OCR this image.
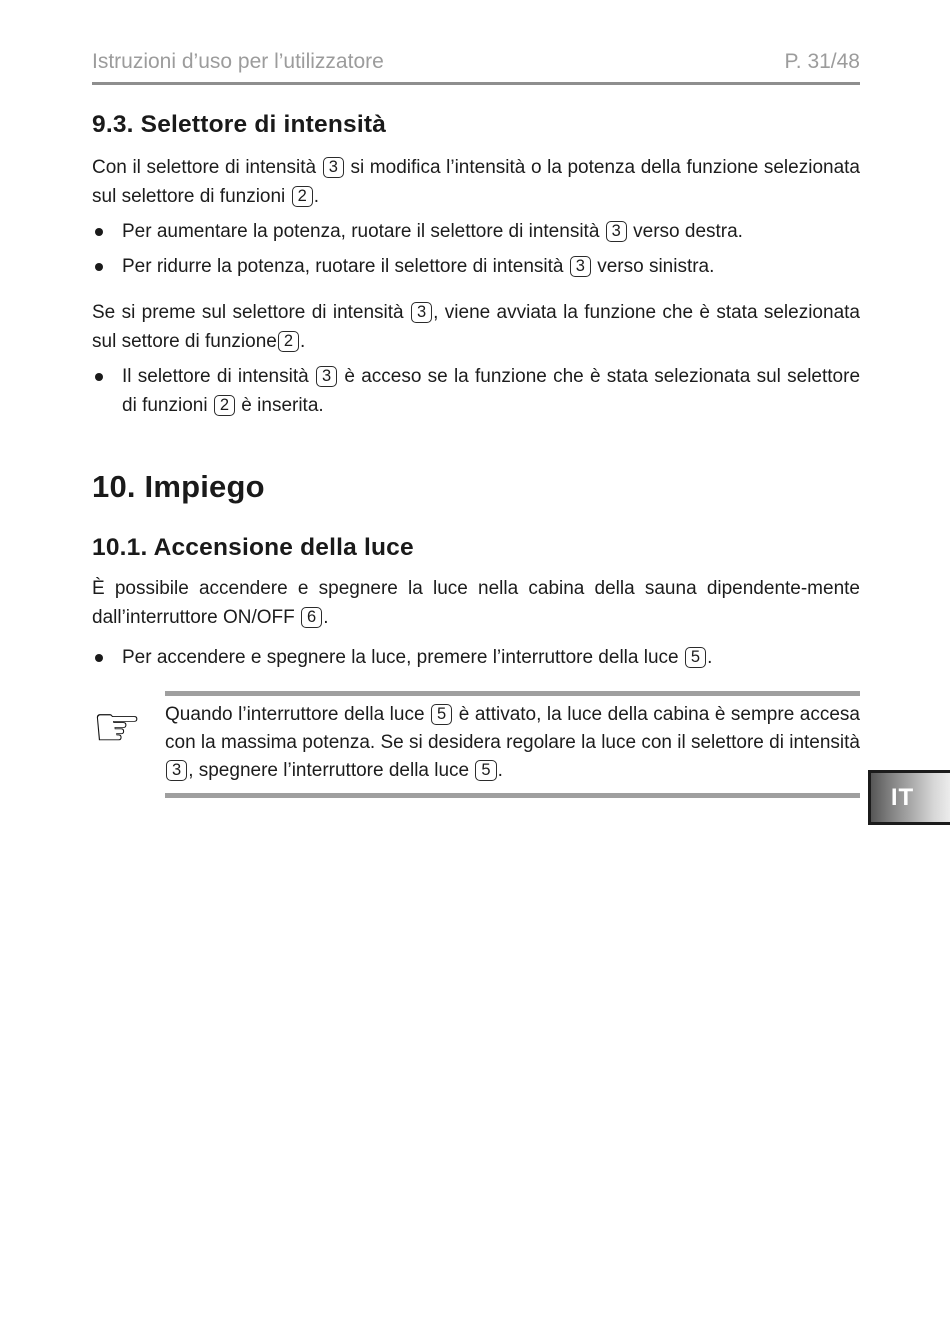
Istruzioni d’uso per l’utilizzatore	P. 31/48
9.3. Selettore di intensità

Con il selettore di intensità 3 si modifica l’intensità o la potenza della funzione selezionata sul selettore di funzioni 2 .

Per aumentare la potenza, ruotare il selettore di intensità 3 verso destra.
Per ridurre la potenza, ruotare il selettore di intensità 3 verso sinistra.

Se si preme sul selettore di intensità 3 , viene avviata la funzione che è stata selezionata sul settore di funzione 2 .

Il selettore di intensità 3 è acceso se la funzione che è stata selezionata sul selettore di funzioni 2 è inserita.
10. Impiego
10.1. Accensione della luce

È possibile accendere e spegnere la luce nella cabina della sauna dipendente-mente dall’interruttore ON/OFF 6 .

Per accendere e spegnere la luce, premere l’interruttore della luce 5 .
☞	Quando l’interruttore della luce 5 è attivato, la luce della cabina è sempre accesa con la massima potenza. Se si desidera regolare la luce con il selettore di intensità 3 , spegnere l’interruttore della luce 5 .

IT
